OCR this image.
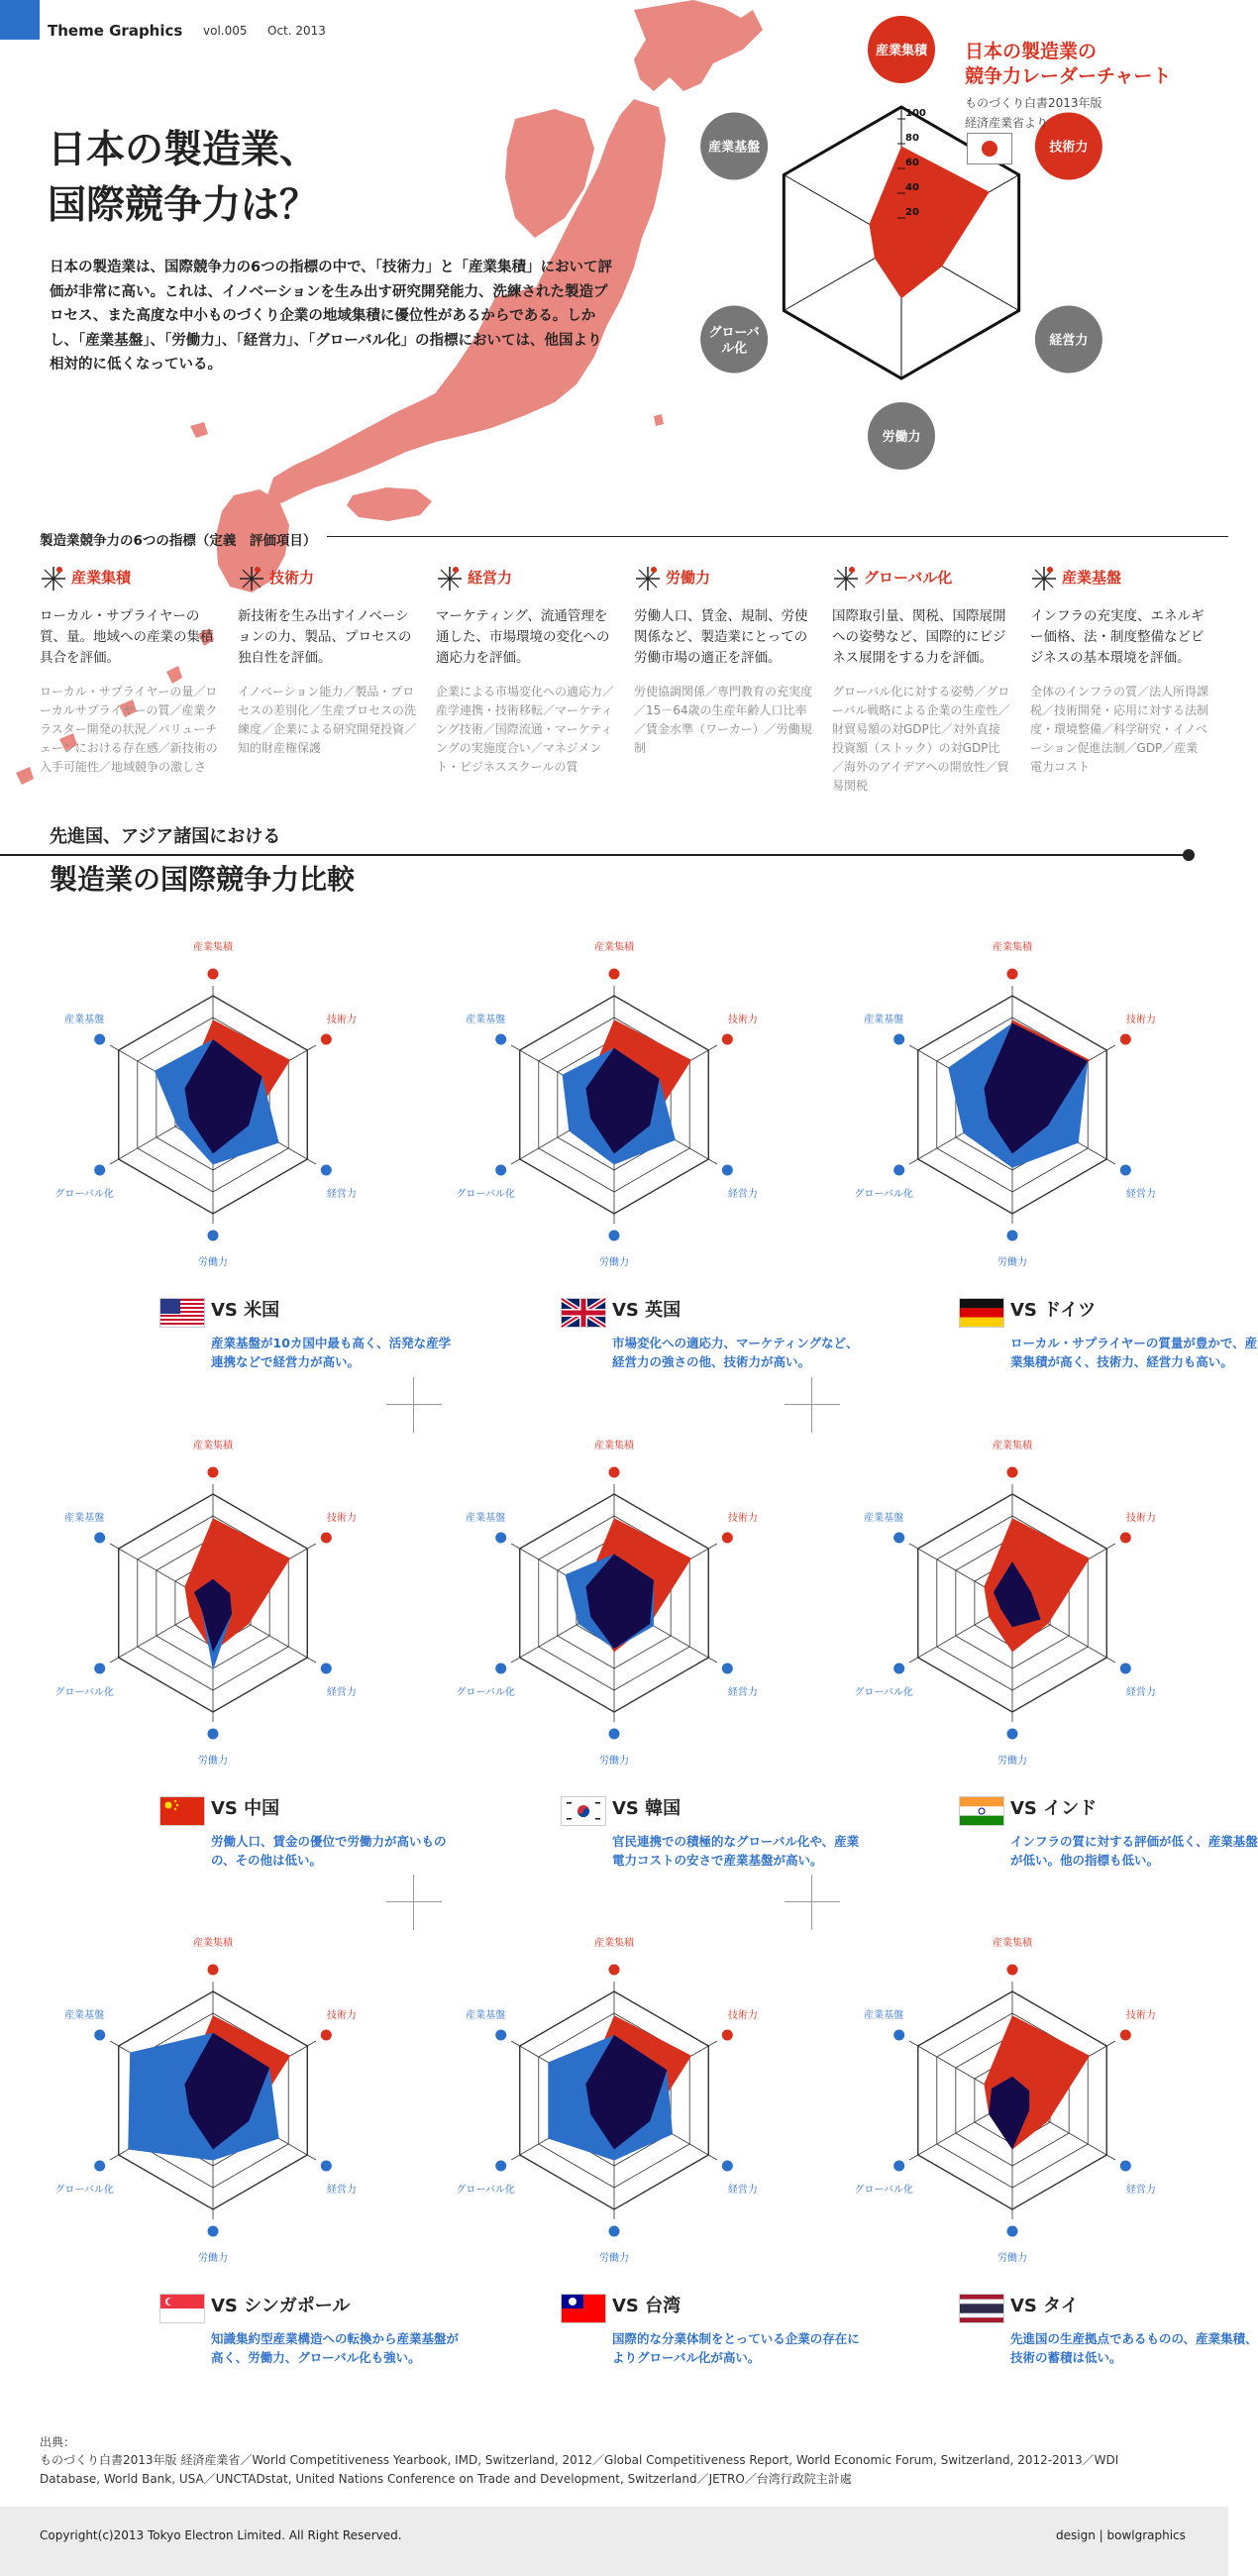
Theme Graphics vol.005 Oct. 2013
日本の製造業、
国際競争力は？
日本の製造業は、国際競争力の6つの指標の中で、「技術力」と「産業集積」において評価が非常に高い。これは、イノベーションを生み出す研究開発能力、洗練された製造プロセス、また高度な中小ものづくり企業の地域集積に優位性があるからである。しかし、「産業基盤」、「労働力」、「経営力」、「グローバル化」の指標においては、他国より相対的に低くなっている。
100
80
60
40
20
産業集積
技術力
経営力
労働力
グローバ
ル化
産業基盤
日本の製造業の
競争力レーダーチャート
ものづくり白書2013年版
経済産業省より
製造業競争力の6つの指標（定義　評価項目）
産業集積
ローカル・サプライヤーの質、量。地域への産業の集積具合を評価。
ローカル・サプライヤーの量／ローカルサプライヤーの質／産業クラスター開発の状況／バリューチェーンにおける存在感／新技術の入手可能性／地域競争の激しさ
技術力
新技術を生み出すイノベーションの力、製品、プロセスの独自性を評価。
イノベーション能力／製品・プロセスの差別化／生産プロセスの洗練度／企業による研究開発投資／知的財産権保護
経営力
マーケティング、流通管理を通した、市場環境の変化への適応力を評価。
企業による市場変化への適応力／産学連携・技術移転／マーケティング技術／国際流通・マーケティングの実施度合い／マネジメント・ビジネススクールの質
労働力
労働人口、賃金、規制、労使関係など、製造業にとっての労働市場の適正を評価。
労使協調関係／専門教育の充実度／15－64歳の生産年齢人口比率／賃金水準（ワーカー）／労働規制
グローバル化
国際取引量、関税、国際展開への姿勢など、国際的にビジネス展開をする力を評価。
グローバル化に対する姿勢／グローバル戦略による企業の生産性／財貿易額の対GDP比／対外直接投資額（ストック）の対GDP比／海外のアイデアへの開放性／貿易関税
産業基盤
インフラの充実度、エネルギー価格、法・制度整備などビジネスの基本環境を評価。
全体のインフラの質／法人所得課税／技術開発・応用に対する法制度・環境整備／科学研究・イノベーション促進法制／GDP／産業電力コスト
先進国、アジア諸国における
製造業の国際競争力比較
産業集積
技術力
経営力
労働力
グローバル化
産業基盤
VS 米国
産業基盤が10カ国中最も高く、活発な産学連携などで経営力が高い。
産業集積
技術力
経営力
労働力
グローバル化
産業基盤
VS 英国
市場変化への適応力、マーケティングなど、経営力の強さの他、技術力が高い。
産業集積
技術力
経営力
労働力
グローバル化
産業基盤
VS ドイツ
ローカル・サプライヤーの質量が豊かで、産業集積が高く、技術力、経営力も高い。
産業集積
技術力
経営力
労働力
グローバル化
産業基盤
VS 中国
労働人口、賃金の優位で労働力が高いものの、その他は低い。
産業集積
技術力
経営力
労働力
グローバル化
産業基盤
VS 韓国
官民連携での積極的なグローバル化や、産業電力コストの安さで産業基盤が高い。
産業集積
技術力
経営力
労働力
グローバル化
産業基盤
VS インド
インフラの質に対する評価が低く、産業基盤が低い。他の指標も低い。
産業集積
技術力
経営力
労働力
グローバル化
産業基盤
VS シンガポール
知識集約型産業構造への転換から産業基盤が高く、労働力、グローバル化も強い。
産業集積
技術力
経営力
労働力
グローバル化
産業基盤
VS 台湾
国際的な分業体制をとっている企業の存在によりグローバル化が高い。
産業集積
技術力
経営力
労働力
グローバル化
産業基盤
VS タイ
先進国の生産拠点であるものの、産業集積、技術の蓄積は低い。
出典：
ものづくり白書2013年版 経済産業省／World Competitiveness Yearbook, IMD, Switzerland, 2012／Global Competitiveness Report, World Economic Forum, Switzerland, 2012-2013／WDI Database, World Bank, USA／UNCTADstat, United Nations Conference on Trade and Development, Switzerland／JETRO／台湾行政院主計處
Copyright(c)2013 Tokyo Electron Limited. All Right Reserved.	design | bowlgraphics
